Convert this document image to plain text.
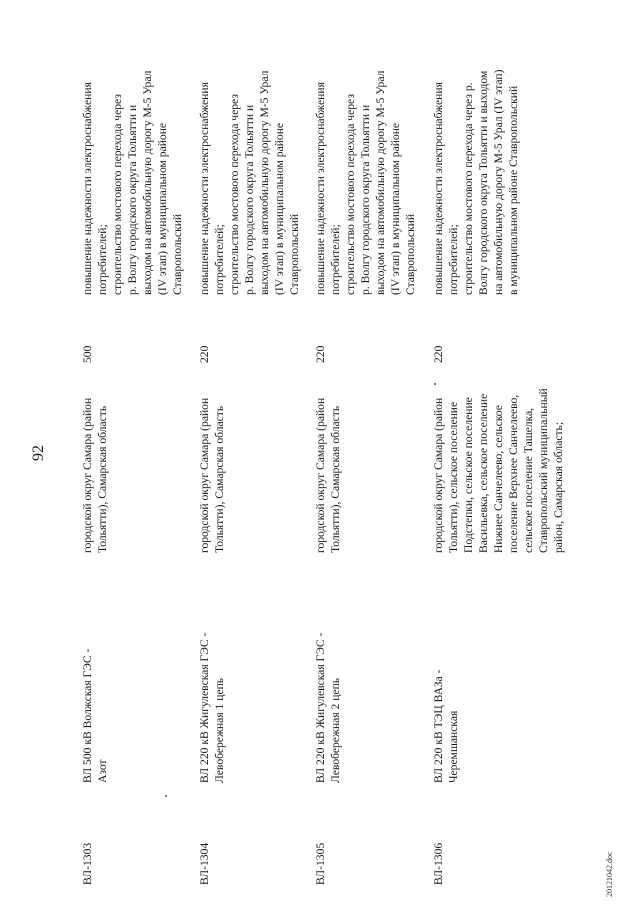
92
ВЛ-1303
ВЛ 500 кВ Волжская ГЭС - Азот
городской округ Самара (район
Тольятти), Самарская область
500
повышение надежности электроснабжения
потребителей;
строительство мостового перехода через
р. Волгу городского округа Тольятти и
выходом на автомобильную дорогу М-5 Урал
(IV этап) в муниципальном районе
Ставропольский
ВЛ-1304
ВЛ 220 кВ Жигулевская ГЭС -
Левобережная 1 цепь
городской округ Самара (район
Тольятти), Самарская область
220
повышение надежности электроснабжения
потребителей;
строительство мостового перехода через
р. Волгу городского округа Тольятти и
выходом на автомобильную дорогу М-5 Урал
(IV этап) в муниципальном районе
Ставропольский
ВЛ-1305
ВЛ 220 кВ Жигулевская ГЭС -
Левобережная 2 цепь
городской округ Самара (район
Тольятти), Самарская область
220
повышение надежности электроснабжения
потребителей;
строительство мостового перехода через
р. Волгу городского округа Тольятти и
выходом на автомобильную дорогу М-5 Урал
(IV этап) в муниципальном районе
Ставропольский
ВЛ-1306
ВЛ 220 кВ ТЭЦ ВАЗа -
Черемшанская
городской округ Самара (район
Тольятти), сельское поселение
Подстепки, сельское поселение
Васильевка, сельское поселение
Нижнее Санчелеево, сельское
поселение Верхнее Санчелеево,
сельское поселение Ташелка,
Ставропольский муниципальный
район, Самарская область;
220
повышение надежности электроснабжения
потребителей;
строительство мостового перехода через р.
Волгу городского округа Тольятти и выходом
на автомобильную дорогу М-5 Урал (IV этап)
в муниципальном районе Ставропольский
20121042.doc
